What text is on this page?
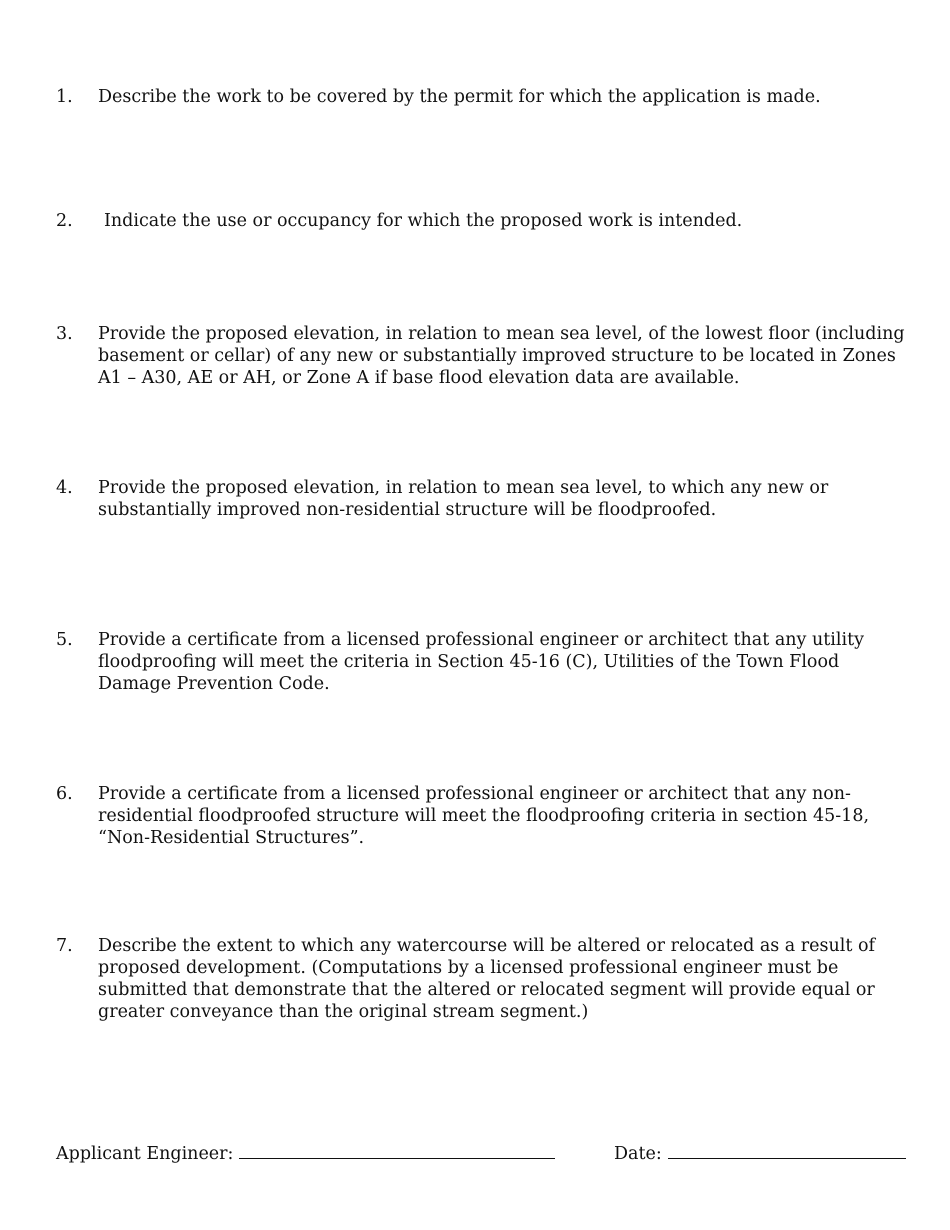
1.	Describe the work to be covered by the permit for which the application is made.
2.	Indicate the use or occupancy for which the proposed work is intended.
3.	Provide the proposed elevation, in relation to mean sea level, of the lowest floor (including
basement or cellar) of any new or substantially improved structure to be located in Zones
A1 – A30, AE or AH, or Zone A if base flood elevation data are available.
4.	Provide the proposed elevation, in relation to mean sea level, to which any new or
substantially improved non-residential structure will be floodproofed.
5.	Provide a certificate from a licensed professional engineer or architect that any utility
floodproofing will meet the criteria in Section 45-16 (C), Utilities of the Town Flood
Damage Prevention Code.
6.	Provide a certificate from a licensed professional engineer or architect that any non-
residential floodproofed structure will meet the floodproofing criteria in section 45-18,
“Non-Residential Structures”.
7.	Describe the extent to which any watercourse will be altered or relocated as a result of
proposed development. (Computations by a licensed professional engineer must be
submitted that demonstrate that the altered or relocated segment will provide equal or
greater conveyance than the original stream segment.)
Applicant Engineer:	Date:
